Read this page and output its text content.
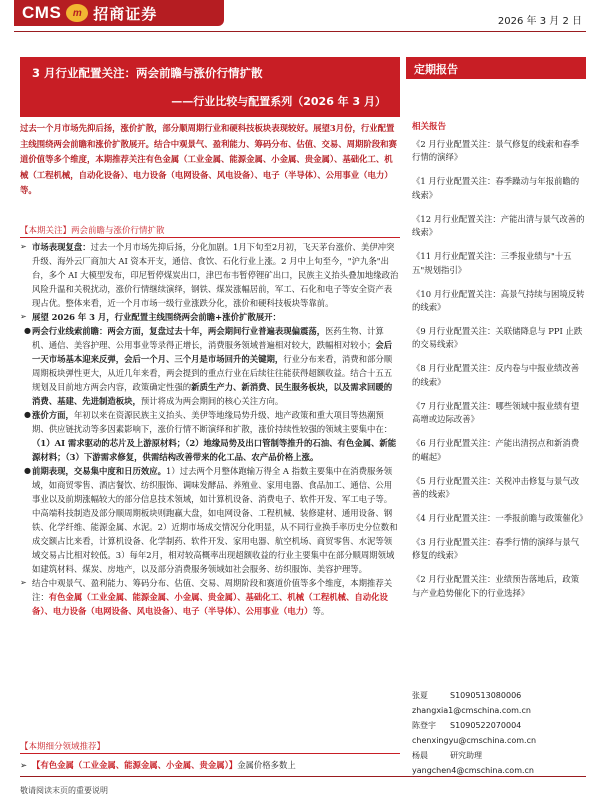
CMS m 招商证券	2026 年 3 月 2 日
3 月行业配置关注：两会前瞻与涨价行情扩散
——行业比较与配置系列（2026 年 3 月）
定期报告
过去一个月市场先抑后扬，涨价扩散，部分顺周期行业和硬科技板块表现较好。展望3月份，行业配置主线围绕两会前瞻和涨价扩散展开。结合中观景气、盈利能力、筹码分布、估值、交易、周期阶段和赛道价值等多个维度，本期推荐关注有色金属（工业金属、能源金属、小金属、贵金属）、基础化工、机械（工程机械，自动化设备）、电力设备（电网设备、风电设备）、电子（半导体）、公用事业（电力）等。
【本期关注】两会前瞻与涨价行情扩散
➢ 市场表现复盘：过去一个月市场先抑后扬，分化加剧。1月下旬至2月初，飞天茅台涨价、美伊冲突升级、海外云厂商加大 AI 资本开支，通信、食饮、石化行业上涨。2 月中上旬至今，"沪九条"出台，多个 AI 大模型发布，印尼暂停煤炭出口，津巴布韦暂停锂矿出口，民族主义抬头叠加地缘政治风险升温和关税扰动，涨价行情继续演绎，钢铁、煤炭涨幅居前，军工、石化和电子等安全资产表现占优。整体来看，近一个月市场一级行业涨跌分化，涨价和硬科技板块等靠前。
➢ 展望 2026 年 3 月，行业配置主线围绕两会前瞻+涨价扩散展开：
● 两会行业线索前瞻：两会方面，复盘过去十年，两会期间行业普遍表现偏震荡，医药生物、计算机、通信、美容护理、公用事业等录得正增长，消费服务领域普遍相对较大，跌幅相对较小；会后一天市场基本迎来反弹，会后一个月、三个月是市场回升的关键期，行业分布来看，消费和部分顺周期板块弹性更大，从近几年来看，两会提到的重点行业在后续往往能获得超额收益。结合十五五规划及目前地方两会内容，政策确定性强的新质生产力、新消费、民生服务板块，以及需求回暖的消费、基建、先进制造板块，预计将成为两会期间的核心关注方向。
● 涨价方面，年初以来在资源民族主义抬头、美伊等地缘局势升级、地产政策和重大项目等热潮预期、供应链扰动等多因素影响下，涨价行情不断演绎和扩散，涨价持续性较强的领域主要集中在：（1）AI 需求驱动的芯片及上游原材料；（2）地缘局势及出口管制等推升的石油、有色金属、新能源材料；（3）下游需求修复，供需结构改善带来的化工品、农产品价格上涨。
● 前期表现，交易集中度和日历效应。1）过去两个月整体跑输万得全 A 指数主要集中在消费服务领域，如商贸零售、酒店餐饮、纺织服饰、调味发酵品、养殖业、家用电器、食品加工、通信、公用事业以及前期涨幅较大的部分信息技术领域，如计算机设备、消费电子、软件开发、军工电子等。中高端科技制造及部分顺周期板块则跑赢大盘，如电网设备、工程机械、装修建材、通用设备、钢铁、化学纤维、能源金属、水泥。2）近期市场成交情况分化明显，从不同行业换手率历史分位数和成交额占比来看，计算机设备、化学制药、软件开发、家用电器、航空机场、商贸零售、水泥等领域交易占比相对较低。3）每年2月，相对较高概率出现超额收益的行业主要集中在部分顺周期领域如建筑材料、煤炭、房地产，以及部分消费服务领域如社会服务、纺织服饰、美容护理等。
➢ 结合中观景气、盈利能力、筹码分布、估值、交易、周期阶段和赛道价值等多个维度，本期推荐关注：有色金属（工业金属、能源金属、小金属、贵金属）、基础化工、机械（工程机械、自动化设备）、电力设备（电网设备、风电设备）、电子（半导体）、公用事业（电力）等。
【本期细分领域推荐】
➢ 【有色金属（工业金属、能源金属、小金属、贵金属）】金属价格多数上
相关报告
《2 月行业配置关注：景气修复的线索和春季行情的演绎》
《1 月行业配置关注：春季躁动与年报前瞻的线索》
《12 月行业配置关注：产能出清与景气改善的线索》
《11 月行业配置关注：三季报业绩与"十五五"规划指引》
《10 月行业配置关注：高景气持续与困境反转的线索》
《9 月行业配置关注：关联储降息与 PPI 止跌的交易线索》
《8 月行业配置关注：反内卷与中报业绩改善的线索》
《7 月行业配置关注：哪些领域中报业绩有望高增或边际改善》
《6 月行业配置关注：产能出清拐点和新消费的崛起》
《5 月行业配置关注：关税冲击修复与景气改善的线索》
《4 月行业配置关注：一季报前瞻与政策催化》
《3 月行业配置关注：春季行情的演绎与景气修复的线索》
《2 月行业配置关注：业绩预告落地后，政策与产业趋势催化下的行业选择》
张夏	S1090513080006
zhangxia1@cmschina.com.cn
陈登宇	S1090522070004
chenxingyu@cmschina.com.cn
杨晨	研究助理
yangchen4@cmschina.com.cn
敬请阅读末页的重要说明
